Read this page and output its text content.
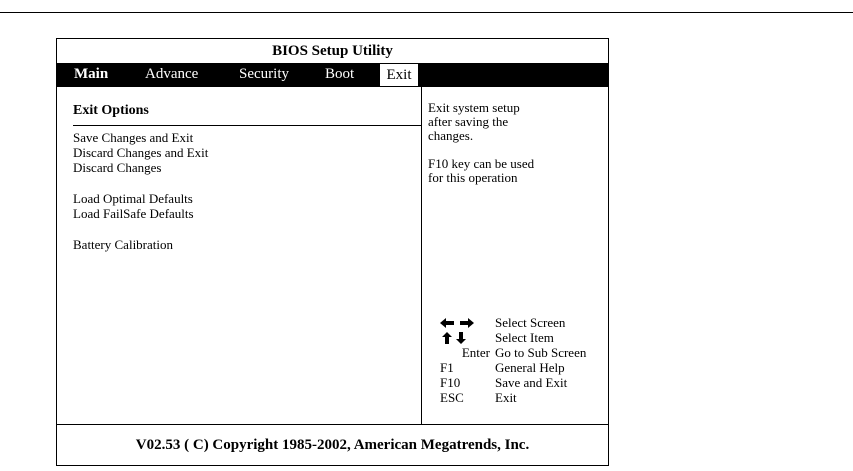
BIOS Setup Utility
Main Advance	Security Boot	Exit
Exit Options
Save Changes and Exit
Discard Changes and Exit
Discard Changes
Load Optimal Defaults
Load FailSafe Defaults
Battery Calibration
Exit system setup
after saving the
changes.
F10 key can be used
for this operation
Select Screen
Select Item
Enter Go to Sub Screen
F1	General Help
F10	Save and Exit
ESC	Exit
V02.53 ( C) Copyright 1985-2002, American Megatrends, Inc.
